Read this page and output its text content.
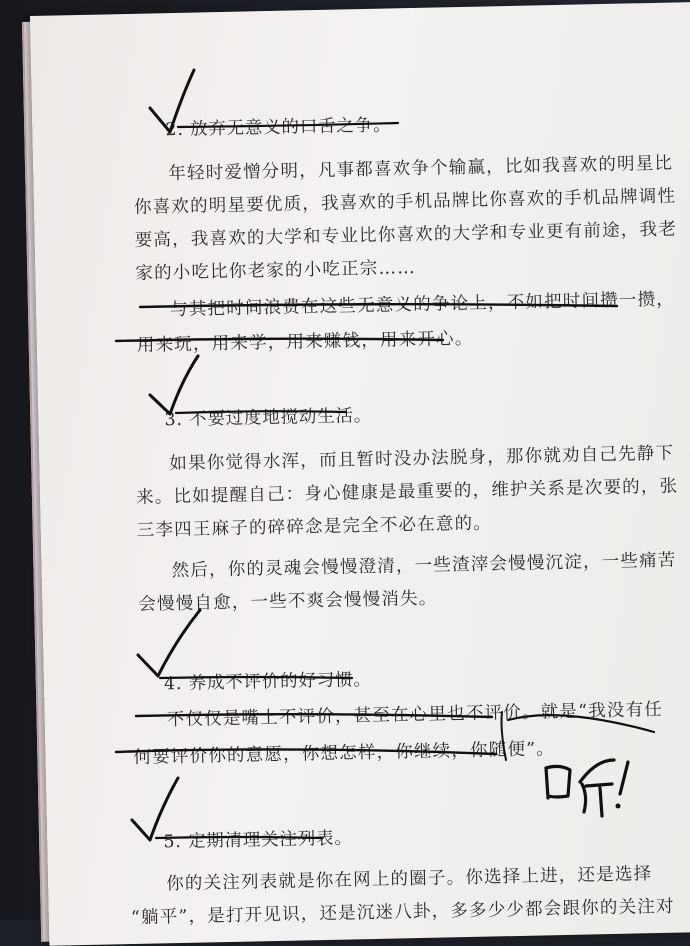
2. 放弃无意义的口舌之争。
年轻时爱憎分明，凡事都喜欢争个输赢，比如我喜欢的明星比
你喜欢的明星要优质，我喜欢的手机品牌比你喜欢的手机品牌调性
要高，我喜欢的大学和专业比你喜欢的大学和专业更有前途，我老
家的小吃比你老家的小吃正宗……
与其把时间浪费在这些无意义的争论上，不如把时间攒一攒，
用来玩，用来学，用来赚钱，用来开心。
3. 不要过度地搅动生活。
如果你觉得水浑，而且暂时没办法脱身，那你就劝自己先静下
来。比如提醒自己：身心健康是最重要的，维护关系是次要的，张
三李四王麻子的碎碎念是完全不必在意的。
然后，你的灵魂会慢慢澄清，一些渣滓会慢慢沉淀，一些痛苦
会慢慢自愈，一些不爽会慢慢消失。
4. 养成不评价的好习惯。
不仅仅是嘴上不评价，甚至在心里也不评价。就是“我没有任
何要评价你的意愿，你想怎样，你继续，你随便”。
5. 定期清理关注列表。
你的关注列表就是你在网上的圈子。你选择上进，还是选择
“躺平”，是打开见识，还是沉迷八卦，多多少少都会跟你的关注对
